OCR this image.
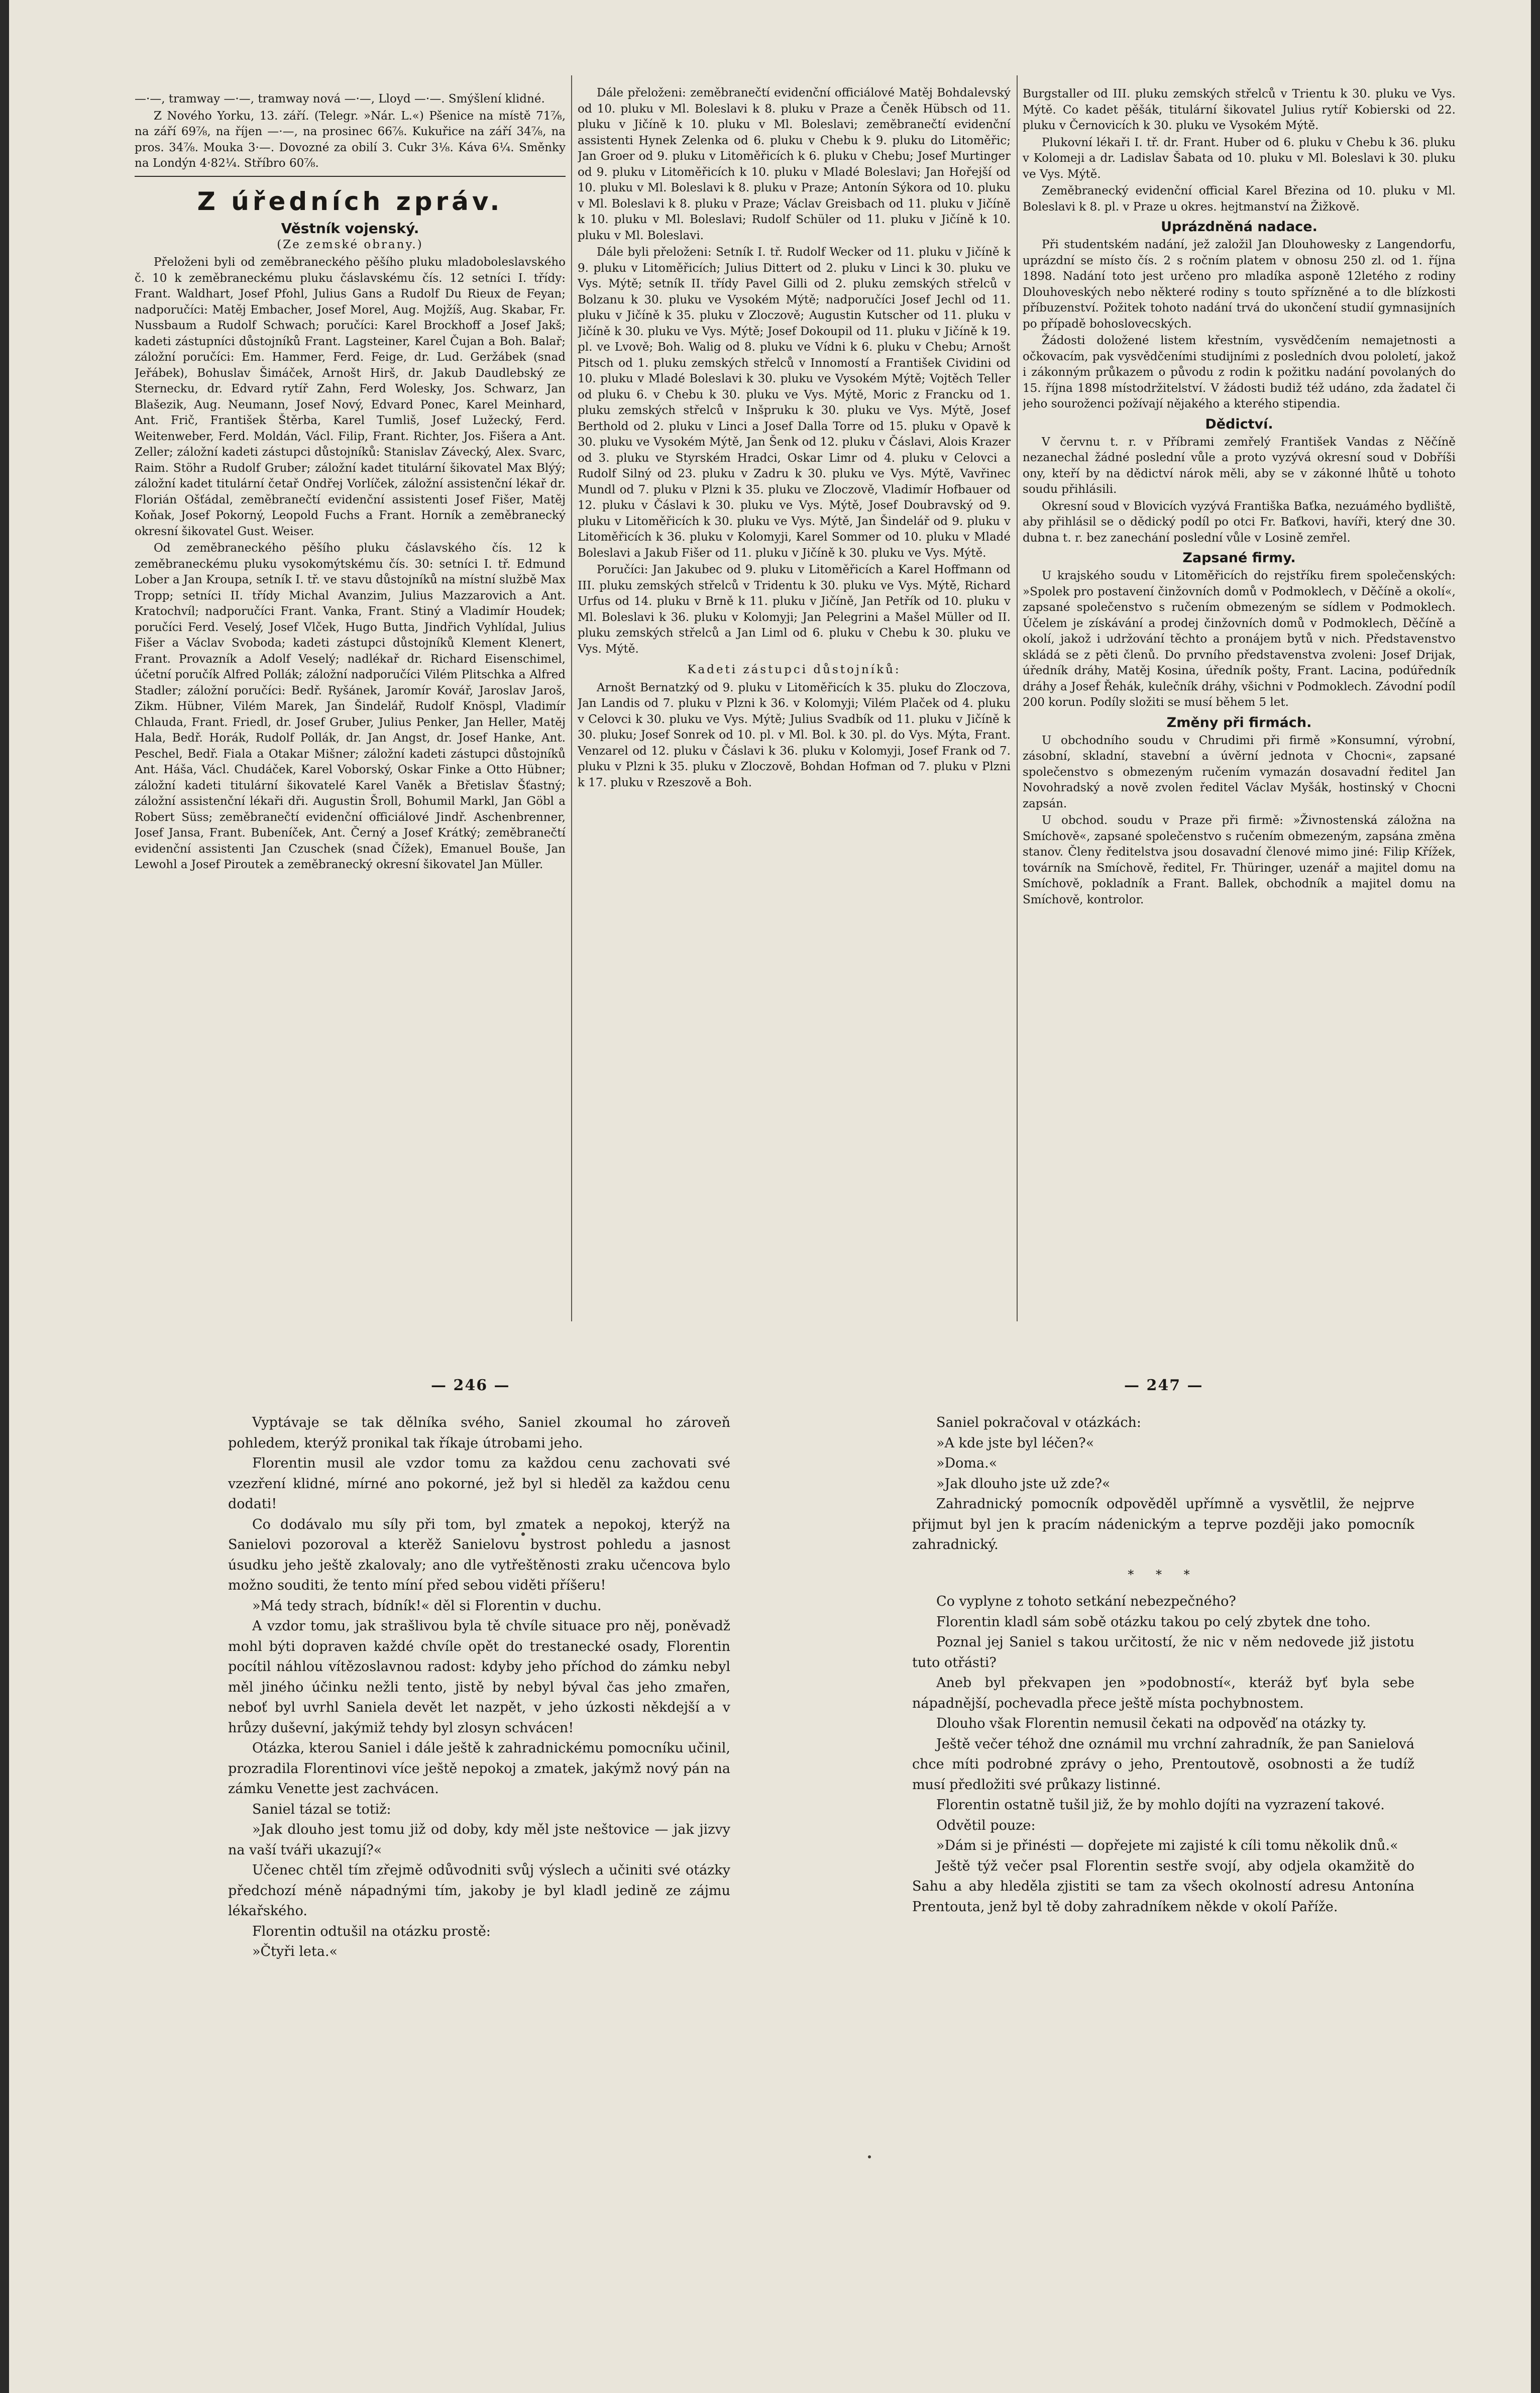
—·—, tramway —·—, tramway nová —·—, Lloyd —·—. Smýšlení klidné.

Z Nového Yorku, 13. září. (Telegr. »Nár. L.«) Pšenice na místě 71⅞, na září 69⅞, na říjen —·—, na prosinec 66⅞. Kukuřice na září 34⅞, na pros. 34⅞. Mouka 3·—. Dovozné za obilí 3. Cukr 3⅛. Káva 6¼. Směnky na Londýn 4·82¼. Stříbro 60⅞.

Z úředních zpráv.
Věstník vojenský.
(Ze zemské obrany.)

Přeloženi byli od zeměbraneckého pěšího pluku mladoboleslavského č. 10 k zeměbraneckému pluku čáslavskému čís. 12 setníci I. třídy: Frant. Waldhart, Josef Pfohl, Julius Gans a Rudolf Du Rieux de Feyan; nadporučíci: Matěj Embacher, Josef Morel, Aug. Mojžíš, Aug. Skabar, Fr. Nussbaum a Rudolf Schwach; poručíci: Karel Brockhoff a Josef Jakš; kadeti zástupníci důstojníků Frant. Lagsteiner, Karel Čujan a Boh. Balař; záložní poručíci: Em. Hammer, Ferd. Feige, dr. Lud. Geržábek (snad Jeřábek), Bohuslav Šimáček, Arnošt Hirš, dr. Jakub Daudlebský ze Sternecku, dr. Edvard rytíř Zahn, Ferd Wolesky, Jos. Schwarz, Jan Blašezik, Aug. Neumann, Josef Nový, Edvard Ponec, Karel Meinhard, Ant. Frič, František Štěrba, Karel Tumliš, Josef Lužecký, Ferd. Weitenweber, Ferd. Moldán, Václ. Filip, Frant. Richter, Jos. Fišera a Ant. Zeller; záložní kadeti zástupci důstojníků: Stanislav Závecký, Alex. Svarc, Raim. Stöhr a Rudolf Gruber; záložní kadet titulární šikovatel Max Blýý; záložní kadet titulární četař Ondřej Vorlíček, záložní assistenční lékař dr. Florián Ošťádal, zeměbranečtí evidenční assistenti Josef Fišer, Matěj Koňak, Josef Pokorný, Leopold Fuchs a Frant. Horník a zeměbranecký okresní šikovatel Gust. Weiser.

Od zeměbraneckého pěšího pluku čáslavského čís. 12 k zeměbraneckému pluku vysokomýtskému čís. 30: setníci I. tř. Edmund Lober a Jan Kroupa, setník I. tř. ve stavu důstojníků na místní službě Max Tropp; setníci II. třídy Michal Avanzim, Julius Mazzarovich a Ant. Kratochvíl; nadporučíci Frant. Vanka, Frant. Stiný a Vladimír Houdek; poručíci Ferd. Veselý, Josef Vlček, Hugo Butta, Jindřich Vyhlídal, Julius Fišer a Václav Svoboda; kadeti zástupci důstojníků Klement Klenert, Frant. Provazník a Adolf Veselý; nadlékař dr. Richard Eisenschimel, účetní poručík Alfred Pollák; záložní nadporučíci Vilém Plitschka a Alfred Stadler; záložní poručíci: Bedř. Ryšánek, Jaromír Kovář, Jaroslav Jaroš, Zikm. Hübner, Vilém Marek, Jan Šindelář, Rudolf Knöspl, Vladimír Chlauda, Frant. Friedl, dr. Josef Gruber, Julius Penker, Jan Heller, Matěj Hala, Bedř. Horák, Rudolf Pollák, dr. Jan Angst, dr. Josef Hanke, Ant. Peschel, Bedř. Fiala a Otakar Mišner; záložní kadeti zástupci důstojníků Ant. Háša, Václ. Chudáček, Karel Voborský, Oskar Finke a Otto Hübner; záložní kadeti titulární šikovatelé Karel Vaněk a Břetislav Šťastný; záložní assistenční lékaři dři. Augustin Šroll, Bohumil Markl, Jan Göbl a Robert Süss; zeměbranečtí evidenční officiálové Jindř. Aschenbrenner, Josef Jansa, Frant. Bubeníček, Ant. Černý a Josef Krátký; zeměbranečtí evidenční assistenti Jan Czuschek (snad Čížek), Emanuel Bouše, Jan Lewohl a Josef Piroutek a zeměbranecký okresní šikovatel Jan Müller.

Dále přeloženi: zeměbranečtí evidenční officiálové Matěj Bohdalevský od 10. pluku v Ml. Boleslavi k 8. pluku v Praze a Čeněk Hübsch od 11. pluku v Jičíně k 10. pluku v Ml. Boleslavi; zeměbranečtí evidenční assistenti Hynek Zelenka od 6. pluku v Chebu k 9. pluku do Litoměřic; Jan Groer od 9. pluku v Litoměřicích k 6. pluku v Chebu; Josef Murtinger od 9. pluku v Litoměřicích k 10. pluku v Mladé Boleslavi; Jan Hořejší od 10. pluku v Ml. Boleslavi k 8. pluku v Praze; Antonín Sýkora od 10. pluku v Ml. Boleslavi k 8. pluku v Praze; Václav Greisbach od 11. pluku v Jičíně k 10. pluku v Ml. Boleslavi; Rudolf Schüler od 11. pluku v Jičíně k 10. pluku v Ml. Boleslavi.

Dále byli přeloženi: Setník I. tř. Rudolf Wecker od 11. pluku v Jičíně k 9. pluku v Litoměřicích; Julius Dittert od 2. pluku v Linci k 30. pluku ve Vys. Mýtě; setník II. třídy Pavel Gilli od 2. pluku zemských střelců v Bolzanu k 30. pluku ve Vysokém Mýtě; nadporučíci Josef Jechl od 11. pluku v Jičíně k 35. pluku v Zloczově; Augustin Kutscher od 11. pluku v Jičíně k 30. pluku ve Vys. Mýtě; Josef Dokoupil od 11. pluku v Jičíně k 19. pl. ve Lvově; Boh. Walig od 8. pluku ve Vídni k 6. pluku v Chebu; Arnošt Pitsch od 1. pluku zemských střelců v Innomostí a František Cividini od 10. pluku v Mladé Boleslavi k 30. pluku ve Vysokém Mýtě; Vojtěch Teller od pluku 6. v Chebu k 30. pluku ve Vys. Mýtě, Moric z Francku od 1. pluku zemských střelců v Inšpruku k 30. pluku ve Vys. Mýtě, Josef Berthold od 2. pluku v Linci a Josef Dalla Torre od 15. pluku v Opavě k 30. pluku ve Vysokém Mýtě, Jan Šenk od 12. pluku v Čáslavi, Alois Krazer od 3. pluku ve Styrském Hradci, Oskar Limr od 4. pluku v Celovci a Rudolf Silný od 23. pluku v Zadru k 30. pluku ve Vys. Mýtě, Vavřinec Mundl od 7. pluku v Plzni k 35. pluku ve Zloczově, Vladimír Hofbauer od 12. pluku v Čáslavi k 30. pluku ve Vys. Mýtě, Josef Doubravský od 9. pluku v Litoměřicích k 30. pluku ve Vys. Mýtě, Jan Šindelář od 9. pluku v Litoměřicích k 36. pluku v Kolomyji, Karel Sommer od 10. pluku v Mladé Boleslavi a Jakub Fišer od 11. pluku v Jičíně k 30. pluku ve Vys. Mýtě.

Poručíci: Jan Jakubec od 9. pluku v Litoměřicích a Karel Hoffmann od III. pluku zemských střelců v Tridentu k 30. pluku ve Vys. Mýtě, Richard Urfus od 14. pluku v Brně k 11. pluku v Jičíně, Jan Petřík od 10. pluku v Ml. Boleslavi k 36. pluku v Kolomyji; Jan Pelegrini a Mašel Müller od II. pluku zemských střelců a Jan Liml od 6. pluku v Chebu k 30. pluku ve Vys. Mýtě.

Kadeti zástupci důstojníků:

Arnošt Bernatzký od 9. pluku v Litoměřicích k 35. pluku do Zloczova, Jan Landis od 7. pluku v Plzni k 36. v Kolomyji; Vilém Plaček od 4. pluku v Celovci k 30. pluku ve Vys. Mýtě; Julius Svadbík od 11. pluku v Jičíně k 30. pluku; Josef Sonrek od 10. pl. v Ml. Bol. k 30. pl. do Vys. Mýta, Frant. Venzarel od 12. pluku v Čáslavi k 36. pluku v Kolomyji, Josef Frank od 7. pluku v Plzni k 35. pluku v Zloczově, Bohdan Hofman od 7. pluku v Plzni k 17. pluku v Rzeszově a Boh.

Burgstaller od III. pluku zemských střelců v Trientu k 30. pluku ve Vys. Mýtě. Co kadet pěšák, titulární šikovatel Julius rytíř Kobierski od 22. pluku v Černovicích k 30. pluku ve Vysokém Mýtě.

Plukovní lékaři I. tř. dr. Frant. Huber od 6. pluku v Chebu k 36. pluku v Kolomeji a dr. Ladislav Šabata od 10. pluku v Ml. Boleslavi k 30. pluku ve Vys. Mýtě.

Zeměbranecký evidenční official Karel Březina od 10. pluku v Ml. Boleslavi k 8. pl. v Praze u okres. hejtmanství na Žižkově.

Uprázdněná nadace.

Při studentském nadání, jež založil Jan Dlouhowesky z Langendorfu, uprázdní se místo čís. 2 s ročním platem v obnosu 250 zl. od 1. října 1898. Nadání toto jest určeno pro mladíka asponě 12letého z rodiny Dlouhoveských nebo některé rodiny s touto spřízněné a to dle blízkosti příbuzenství. Požitek tohoto nadání trvá do ukončení studií gymnasijních po případě bohoslovecských.

Žádosti doložené listem křestním, vysvědčením nemajetnosti a očkovacím, pak vysvědčeními studijními z posledních dvou pololetí, jakož i zákonným průkazem o původu z rodin k požitku nadání povolaných do 15. října 1898 místodržitelství. V žádosti budiž též udáno, zda žadatel či jeho souroženci požívají nějakého a kterého stipendia.

Dědictví.

V červnu t. r. v Příbrami zemřelý František Vandas z Něčíně nezanechal žádné poslední vůle a proto vyzývá okresní soud v Dobříši ony, kteří by na dědictví nárok měli, aby se v zákonné lhůtě u tohoto soudu přihlásili.

Okresní soud v Blovicích vyzývá Františka Baťka, nezuámého bydliště, aby přihlásil se o dědický podíl po otci Fr. Baťkovi, havíři, který dne 30. dubna t. r. bez zanechání poslední vůle v Losině zemřel.

Zapsané firmy.

U krajského soudu v Litoměřicích do rejstříku firem společenských: »Spolek pro postavení činžovních domů v Podmoklech, v Děčíně a okolí«, zapsané společenstvo s ručením obmezeným se sídlem v Podmoklech. Účelem je získávání a prodej činžovních domů v Podmoklech, Děčíně a okolí, jakož i udržování těchto a pronájem bytů v nich. Představenstvo skládá se z pěti členů. Do prvního představenstva zvoleni: Josef Drijak, úředník dráhy, Matěj Kosina, úředník pošty, Frant. Lacina, podúředník dráhy a Josef Řehák, kulečník dráhy, všichni v Podmoklech. Závodní podíl 200 korun. Podíly složiti se musí během 5 let.

Změny při firmách.

U obchodního soudu v Chrudimi při firmě »Konsumní, výrobní, zásobní, skladní, stavební a úvěrní jednota v Chocni«, zapsané společenstvo s obmezeným ručením vymazán dosavadní ředitel Jan Novohradský a nově zvolen ředitel Václav Myšák, hostinský v Chocni zapsán.

U obchod. soudu v Praze při firmě: »Živnostenská záložna na Smíchově«, zapsané společenstvo s ručením obmezeným, zapsána změna stanov. Členy ředitelstva jsou dosavadní členové mimo jiné: Filip Křížek, továrník na Smíchově, ředitel, Fr. Thüringer, uzenář a majitel domu na Smíchově, pokladník a Frant. Ballek, obchodník a majitel domu na Smíchově, kontrolor.

— 246 —	— 247 —

Vyptávaje se tak dělníka svého, Saniel zkoumal ho zároveň pohledem, kterýž pronikal tak říkaje útrobami jeho.

Florentin musil ale vzdor tomu za každou cenu zachovati své vzezření klidné, mírné ano pokorné, jež byl si hleděl za každou cenu dodati!

Co dodávalo mu síly při tom, byl zmatek a nepokoj, kterýž na Sanielovi pozoroval a kterěž Sanielovu bystrost pohledu a jasnost úsudku jeho ještě zkalovaly; ano dle vytřeštěnosti zraku učencova bylo možno souditi, že tento míní před sebou viděti příšeru!

»Má tedy strach, bídník!« děl si Florentin v duchu.

A vzdor tomu, jak strašlivou byla tě chvíle situace pro něj, poněvadž mohl býti dopraven každé chvíle opět do trestanecké osady, Florentin pocítil náhlou vítězoslavnou radost: kdyby jeho příchod do zámku nebyl měl jiného účinku nežli tento, jistě by nebyl býval čas jeho zmařen, neboť byl uvrhl Saniela devět let nazpět, v jeho úzkosti někdejší a v hrůzy duševní, jakýmiž tehdy byl zlosyn schvácen!

Otázka, kterou Saniel i dále ještě k zahradnickému pomocníku učinil, prozradila Florentinovi více ještě nepokoj a zmatek, jakýmž nový pán na zámku Venette jest zachvácen.

Saniel tázal se totiž:

»Jak dlouho jest tomu již od doby, kdy měl jste neštovice — jak jizvy na vaší tváři ukazují?«

Učenec chtěl tím zřejmě odůvodniti svůj výslech a učiniti své otázky předchozí méně nápadnými tím, jakoby je byl kladl jedině ze zájmu lékařského.

Florentin odtušil na otázku prostě:

»Čtyři leta.«

Saniel pokračoval v otázkách:

»A kde jste byl léčen?«

»Doma.«

»Jak dlouho jste už zde?«

Zahradnický pomocník odpověděl upřímně a vysvětlil, že nejprve přijmut byl jen k pracím nádenickým a teprve později jako pomocník zahradnický.

* * *

Co vyplyne z tohoto setkání nebezpečného?

Florentin kladl sám sobě otázku takou po celý zbytek dne toho.

Poznal jej Saniel s takou určitostí, že nic v něm nedovede již jistotu tuto otřásti?

Aneb byl překvapen jen »podobností«, kteráž byť byla sebe nápadnější, pochevadla přece ještě místa pochybnostem.

Dlouho však Florentin nemusil čekati na odpověď na otázky ty.

Ještě večer téhož dne oznámil mu vrchní zahradník, že pan Sanielová chce míti podrobné zprávy o jeho, Prentoutově, osobnosti a že tudíž musí předložiti své průkazy listinné.

Florentin ostatně tušil již, že by mohlo dojíti na vyzrazení takové.

Odvětil pouze:

»Dám si je přinésti — dopřejete mi zajisté k cíli tomu několik dnů.«

Ještě týž večer psal Florentin sestře svojí, aby odjela okamžitě do Sahu a aby hleděla zjistiti se tam za všech okolností adresu Antonína Prentouta, jenž byl tě doby zahradníkem někde v okolí Paříže.
